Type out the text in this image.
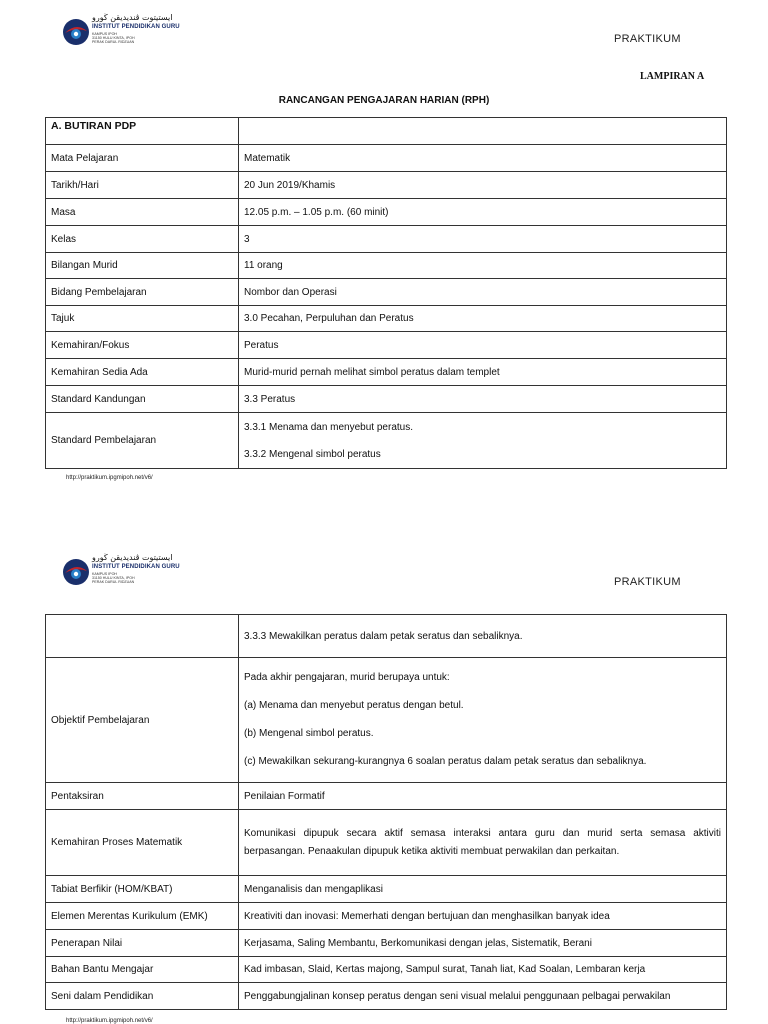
ايستيتوت ڤنديديقن ڬورو
INSTITUT PENDIDIKAN GURU
KAMPUS IPOH
31150 HULU KINTA, IPOH
PERAK DARUL RIDZUAN	PRAKTIKUM
LAMPIRAN A
RANCANGAN PENGAJARAN HARIAN (RPH)
A. BUTIRAN PDP	
Mata Pelajaran	Matematik
Tarikh/Hari	20 Jun 2019/Khamis
Masa	12.05 p.m. – 1.05 p.m. (60 minit)
Kelas	3
Bilangan Murid	11 orang
Bidang Pembelajaran	Nombor dan Operasi
Tajuk	3.0 Pecahan, Perpuluhan dan Peratus
Kemahiran/Fokus	Peratus
Kemahiran Sedia Ada	Murid-murid pernah melihat simbol peratus dalam templet
Standard Kandungan	3.3 Peratus
Standard Pembelajaran	3.3.1 Menama dan menyebut peratus.
3.3.2 Mengenal simbol peratus
http://praktikum.ipgmipoh.net/v6/
ايستيتوت ڤنديديقن ڬورو
INSTITUT PENDIDIKAN GURU
KAMPUS IPOH
31150 HULU KINTA, IPOH
PERAK DARUL RIDZUAN	PRAKTIKUM
	3.3.3 Mewakilkan peratus dalam petak seratus dan sebaliknya.
Objektif Pembelajaran	Pada akhir pengajaran, murid berupaya untuk:
(a) Menama dan menyebut peratus dengan betul.
(b) Mengenal simbol peratus.
(c) Mewakilkan sekurang-kurangnya 6 soalan peratus dalam petak seratus dan sebaliknya.

Pentaksiran	Penilaian Formatif
Kemahiran Proses Matematik	Komunikasi dipupuk secara aktif semasa interaksi antara guru dan murid serta semasa aktiviti berpasangan. Penaakulan dipupuk ketika aktiviti membuat perwakilan dan perkaitan.
Tabiat Berfikir (HOM/KBAT)	Menganalisis dan mengaplikasi
Elemen Merentas Kurikulum (EMK)	Kreativiti dan inovasi: Memerhati dengan bertujuan dan menghasilkan banyak idea
Penerapan Nilai	Kerjasama, Saling Membantu, Berkomunikasi dengan jelas, Sistematik, Berani
Bahan Bantu Mengajar	Kad imbasan, Slaid, Kertas majong, Sampul surat, Tanah liat, Kad Soalan, Lembaran kerja
Seni dalam Pendidikan	Penggabungjalinan konsep peratus dengan seni visual melalui penggunaan pelbagai perwakilan
http://praktikum.ipgmipoh.net/v6/
